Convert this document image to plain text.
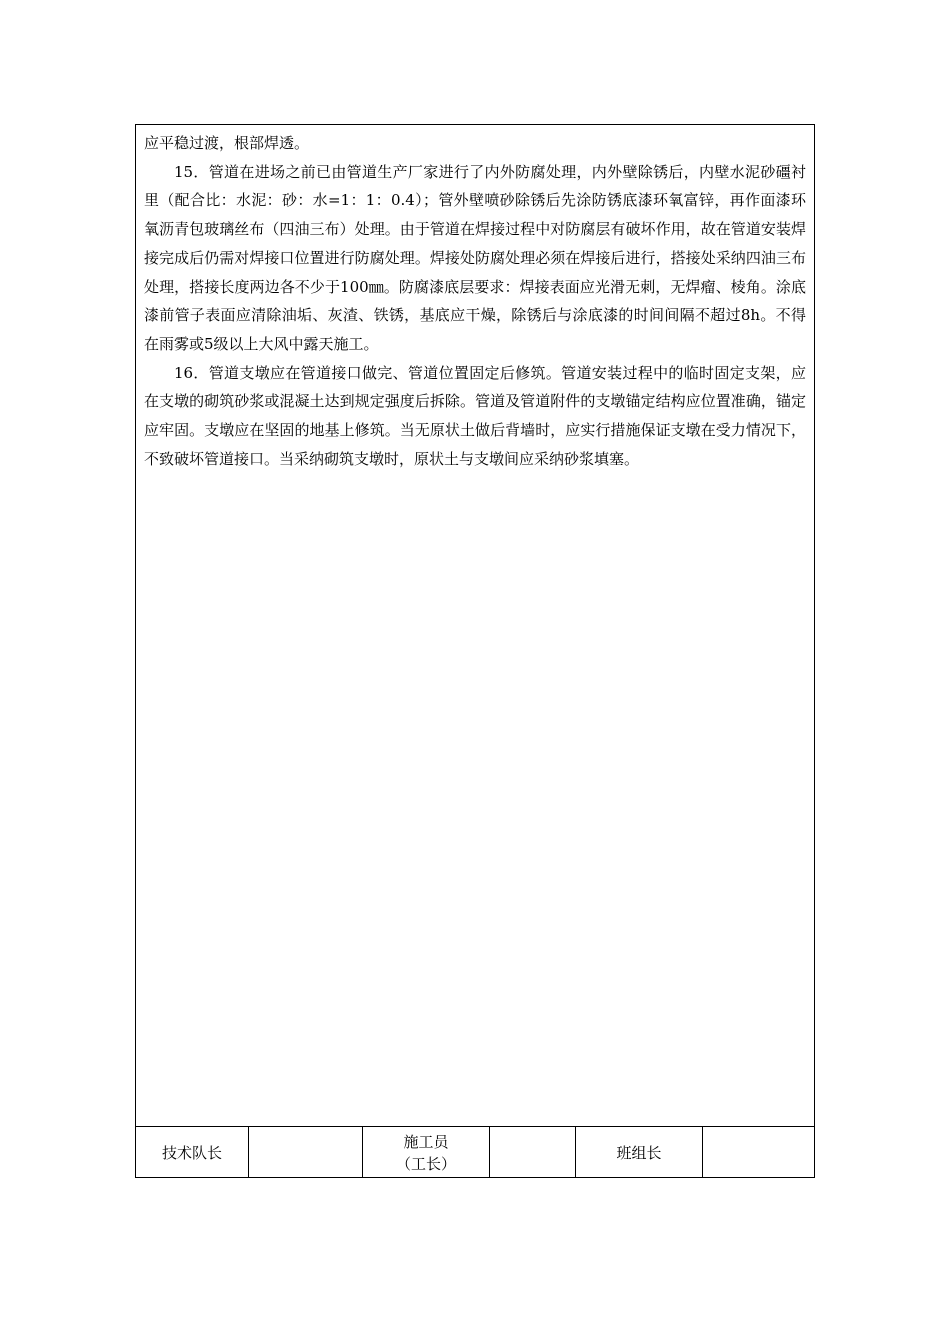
应平稳过渡，根部焊透。

15．管道在进场之前已由管道生产厂家进行了内外防腐处理，内外壁除锈后，内壁水泥砂礓衬里（配合比：水泥：砂：水=1：1：0.4）；管外壁喷砂除锈后先涂防锈底漆环氧富锌，再作面漆环氧沥青包玻璃丝布（四油三布）处理。由于管道在焊接过程中对防腐层有破坏作用，故在管道安装焊接完成后仍需对焊接口位置进行防腐处理。焊接处防腐处理必须在焊接后进行，搭接处采纳四油三布处理，搭接长度两边各不少于100㎜。防腐漆底层要求：焊接表面应光滑无刺，无焊瘤、棱角。涂底漆前管子表面应清除油垢、灰渣、铁锈，基底应干燥，除锈后与涂底漆的时间间隔不超过8h。不得在雨雾或5级以上大风中露天施工。

16．管道支墩应在管道接口做完、管道位置固定后修筑。管道安装过程中的临时固定支架，应在支墩的砌筑砂浆或混凝土达到规定强度后拆除。管道及管道附件的支墩锚定结构应位置准确，锚定应牢固。支墩应在坚固的地基上修筑。当无原状土做后背墙时，应实行措施保证支墩在受力情况下，不致破坏管道接口。当采纳砌筑支墩时，原状土与支墩间应采纳砂浆填塞。

技术队长
施工员
（工长）
班组长
